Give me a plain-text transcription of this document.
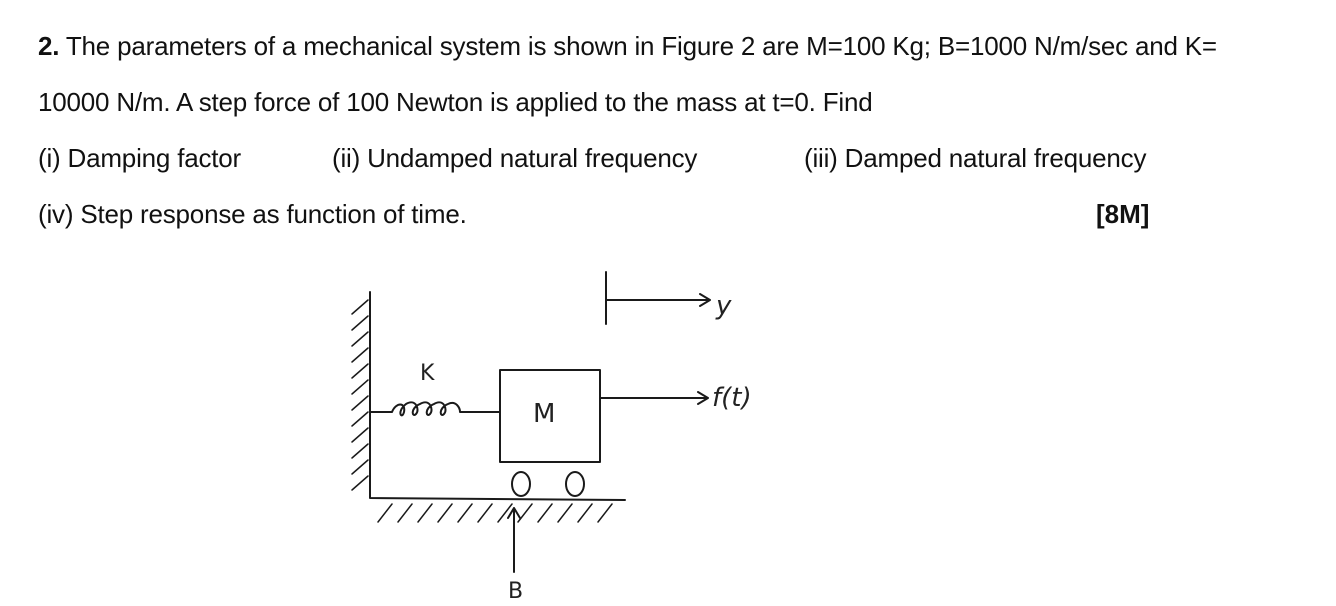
2. The parameters of a mechanical system is shown in Figure 2 are M=100 Kg; B=1000 N/m/sec and K=
10000 N/m. A step force of 100 Newton is applied to the mass at t=0. Find
(i) Damping factor	(ii) Undamped natural frequency	(iii) Damped natural frequency
(iv) Step response as function of time.	[8M]
K
M
y
f(t)
B
